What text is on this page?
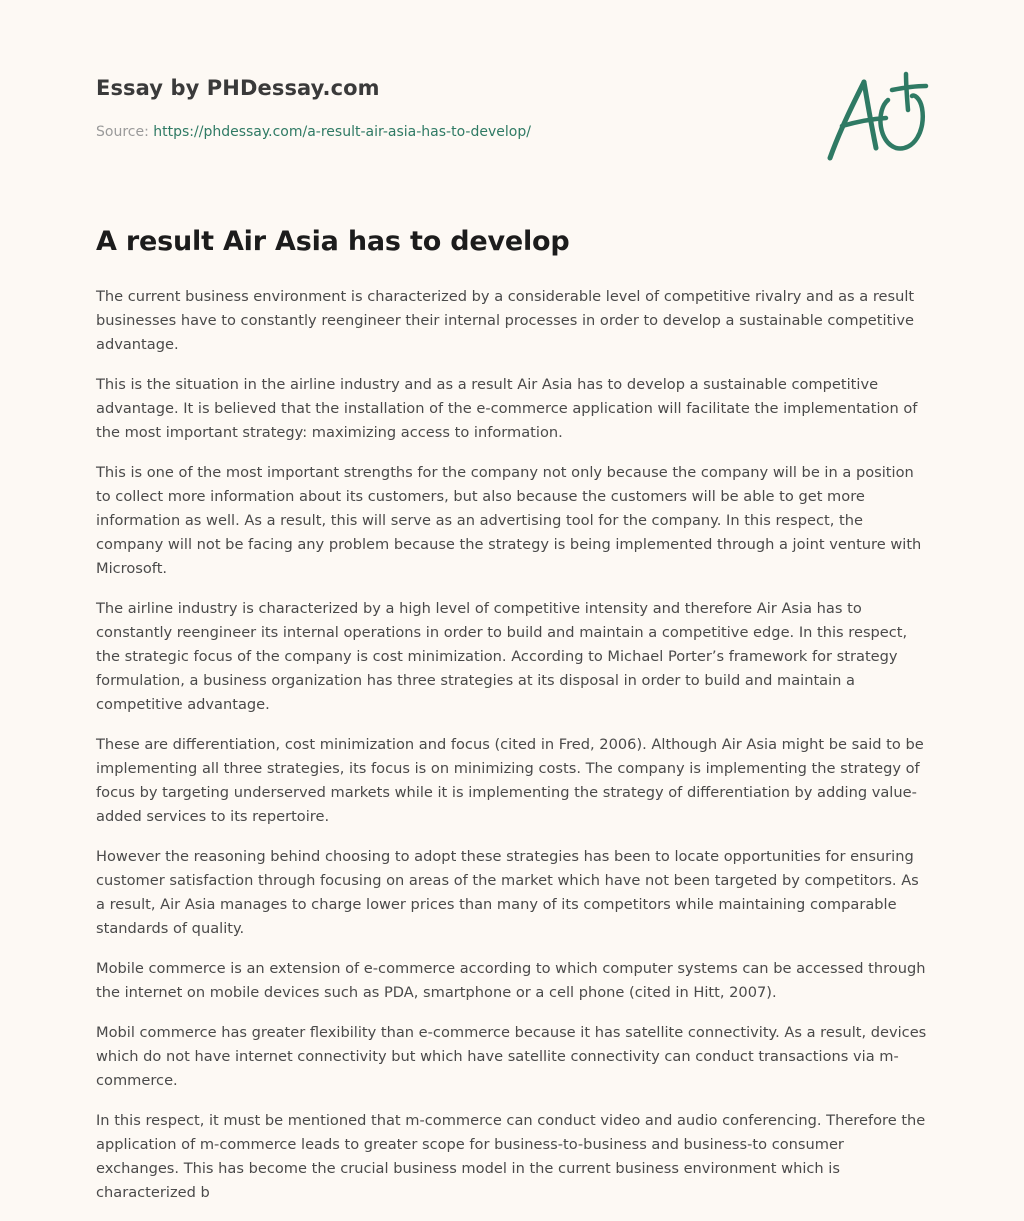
Essay by PHDessay.com

Source: https://phdessay.com/a-result-air-asia-has-to-develop/

A result Air Asia has to develop

The current business environment is characterized by a considerable level of competitive rivalry and as a result businesses have to constantly reengineer their internal processes in order to develop a sustainable competitive advantage.

This is the situation in the airline industry and as a result Air Asia has to develop a sustainable competitive advantage. It is believed that the installation of the e-commerce application will facilitate the implementation of the most important strategy: maximizing access to information.

This is one of the most important strengths for the company not only because the company will be in a position to collect more information about its customers, but also because the customers will be able to get more information as well. As a result, this will serve as an advertising tool for the company. In this respect, the company will not be facing any problem because the strategy is being implemented through a joint venture with Microsoft.

The airline industry is characterized by a high level of competitive intensity and therefore Air Asia has to constantly reengineer its internal operations in order to build and maintain a competitive edge. In this respect, the strategic focus of the company is cost minimization. According to Michael Porter’s framework for strategy formulation, a business organization has three strategies at its disposal in order to build and maintain a competitive advantage.

These are differentiation, cost minimization and focus (cited in Fred, 2006). Although Air Asia might be said to be implementing all three strategies, its focus is on minimizing costs. The company is implementing the strategy of focus by targeting underserved markets while it is implementing the strategy of differentiation by adding value-added services to its repertoire.

However the reasoning behind choosing to adopt these strategies has been to locate opportunities for ensuring customer satisfaction through focusing on areas of the market which have not been targeted by competitors. As a result, Air Asia manages to charge lower prices than many of its competitors while maintaining comparable standards of quality.

Mobile commerce is an extension of e-commerce according to which computer systems can be accessed through the internet on mobile devices such as PDA, smartphone or a cell phone (cited in Hitt, 2007).

Mobil commerce has greater flexibility than e-commerce because it has satellite connectivity. As a result, devices which do not have internet connectivity but which have satellite connectivity can conduct transactions via m-commerce.

In this respect, it must be mentioned that m-commerce can conduct video and audio conferencing. Therefore the application of m-commerce leads to greater scope for business-to-business and business-to consumer exchanges. This has become the crucial business model in the current business environment which is characterized b
